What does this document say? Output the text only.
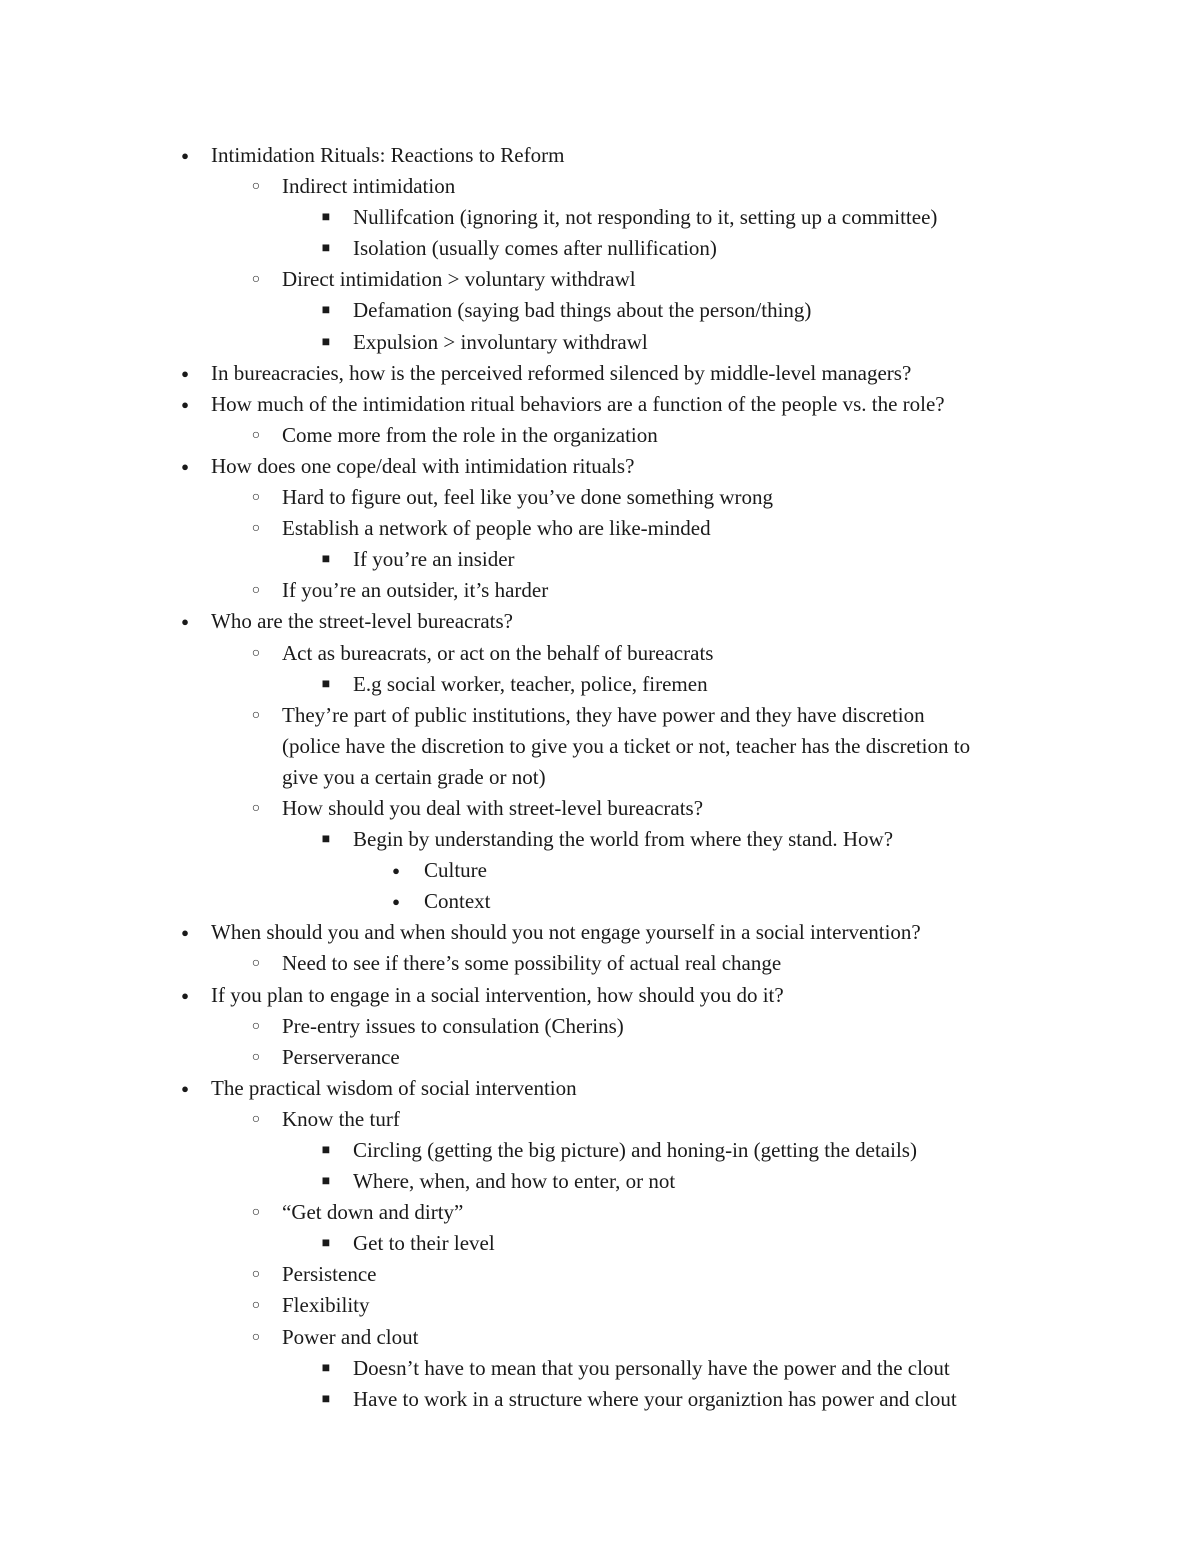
● Intimidation Rituals: Reactions to Reform
○ Indirect intimidation
■ Nullifcation (ignoring it, not responding to it, setting up a committee)
■ Isolation (usually comes after nullification)
○ Direct intimidation > voluntary withdrawl
■ Defamation (saying bad things about the person/thing)
■ Expulsion > involuntary withdrawl
● In bureacracies, how is the perceived reformed silenced by middle-level managers?
● How much of the intimidation ritual behaviors are a function of the people vs. the role?
○ Come more from the role in the organization
● How does one cope/deal with intimidation rituals?
○ Hard to figure out, feel like you’ve done something wrong
○ Establish a network of people who are like-minded
■ If you’re an insider
○ If you’re an outsider, it’s harder
● Who are the street-level bureacrats?
○ Act as bureacrats, or act on the behalf of bureacrats
■ E.g social worker, teacher, police, firemen
○ They’re part of public institutions, they have power and they have discretion
(police have the discretion to give you a ticket or not, teacher has the discretion to
give you a certain grade or not)
○ How should you deal with street-level bureacrats?
■ Begin by understanding the world from where they stand. How?
● Culture
● Context
● When should you and when should you not engage yourself in a social intervention?
○ Need to see if there’s some possibility of actual real change
● If you plan to engage in a social intervention, how should you do it?
○ Pre-entry issues to consulation (Cherins)
○ Perserverance
● The practical wisdom of social intervention
○ Know the turf
■ Circling (getting the big picture) and honing-in (getting the details)
■ Where, when, and how to enter, or not
○ “Get down and dirty”
■ Get to their level
○ Persistence
○ Flexibility
○ Power and clout
■ Doesn’t have to mean that you personally have the power and the clout
■ Have to work in a structure where your organiztion has power and clout
